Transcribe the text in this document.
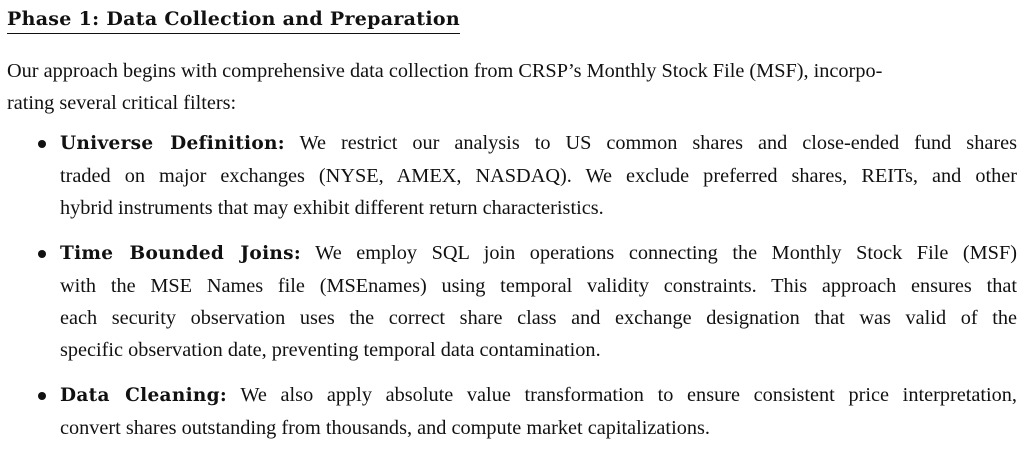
Phase 1: Data Collection and Preparation

Our approach begins with comprehensive data collection from CRSP’s Monthly Stock File (MSF), incorpo-
rating several critical filters:

Universe Definition: We restrict our analysis to US common shares and close-ended fund shares
traded on major exchanges (NYSE, AMEX, NASDAQ). We exclude preferred shares, REITs, and other
hybrid instruments that may exhibit different return characteristics.
Time Bounded Joins: We employ SQL join operations connecting the Monthly Stock File (MSF)
with the MSE Names file (MSEnames) using temporal validity constraints. This approach ensures that
each security observation uses the correct share class and exchange designation that was valid of the
specific observation date, preventing temporal data contamination.
Data Cleaning: We also apply absolute value transformation to ensure consistent price interpretation,
convert shares outstanding from thousands, and compute market capitalizations.
